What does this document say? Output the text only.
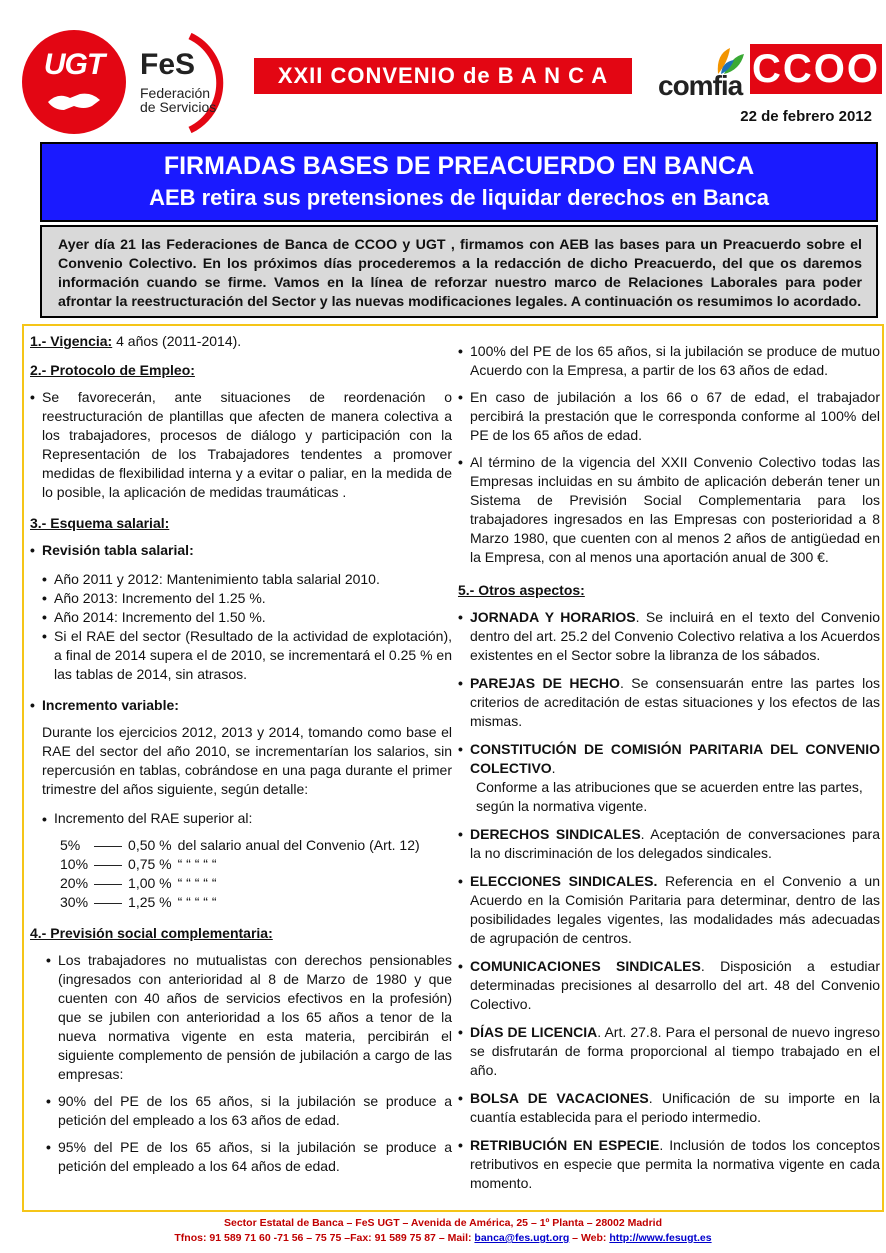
UGT	FeS
Federación
de Servicios
XXII CONVENIO de B A N C A	comfia CCOO
22 de febrero 2012
FIRMADAS BASES DE PREACUERDO EN BANCA
AEB retira sus pretensiones de liquidar derechos en Banca
Ayer día 21 las Federaciones de Banca de CCOO y UGT , firmamos con AEB las bases para un Preacuerdo sobre el Convenio Colectivo. En los próximos días procederemos a la redacción de dicho Preacuerdo, del que os daremos información cuando se firme. Vamos en la línea de reforzar nuestro marco de Relaciones Laborales para poder afrontar la reestructuración del Sector y las nuevas modificaciones legales. A continuación os resumimos lo acordado.

1.- Vigencia: 4 años (2011-2014).

2.- Protocolo de Empleo:

• Se favorecerán, ante situaciones de reordenación o reestructuración de plantillas que afecten de manera colectiva a los trabajadores, procesos de diálogo y participación con la Representación de los Trabajadores tendentes a promover medidas de flexibilidad interna y a evitar o paliar, en la medida de lo posible, la aplicación de medidas traumáticas .

3.- Esquema salarial:

• Revisión tabla salarial:

• Año 2011 y 2012: Mantenimiento tabla salarial 2010.

• Año 2013: Incremento del 1.25 %.

• Año 2014: Incremento del 1.50 %.

• Si el RAE del sector (Resultado de la actividad de explotación), a final de 2014 supera el de 2010, se incrementará el 0.25 % en las tablas de 2014, sin atrasos.

• Incremento variable:

Durante los ejercicios 2012, 2013 y 2014, tomando como base el RAE del sector del año 2010, se incrementarían los salarios, sin repercusión en tablas, cobrándose en una paga durante el primer trimestre del años siguiente, según detalle:

• Incremento del RAE superior al:

5%	——	0,50 %	del salario anual del Convenio (Art. 12)
10%	——	0,75 %	“ “ “ “ “
20%	——	1,00 %	“ “ “ “ “
30%	——	1,25 %	“ “ “ “ “

4.- Previsión social complementaria:

• Los trabajadores no mutualistas con derechos pensionables (ingresados con anterioridad al 8 de Marzo de 1980 y que cuenten con 40 años de servicios efectivos en la profesión) que se jubilen con anterioridad a los 65 años a tenor de la nueva normativa vigente en esta materia, percibirán el siguiente complemento de pensión de jubilación a cargo de las empresas:

• 90% del PE de los 65 años, si la jubilación se produce a petición del empleado a los 63 años de edad.

• 95% del PE de los 65 años, si la jubilación se produce a petición del empleado a los 64 años de edad.

• 100% del PE de los 65 años, si la jubilación se produce de mutuo Acuerdo con la Empresa, a partir de los 63 años de edad.

• En caso de jubilación a los 66 o 67 de edad, el trabajador percibirá la prestación que le corresponda conforme al 100% del PE de los 65 años de edad.

• Al término de la vigencia del XXII Convenio Colectivo todas las Empresas incluidas en su ámbito de aplicación deberán tener un Sistema de Previsión Social Complementaria para los trabajadores ingresados en las Empresas con posterioridad a 8 Marzo 1980, que cuenten con al menos 2 años de antigüedad en la Empresa, con al menos una aportación anual de 300 €.

5.- Otros aspectos:

• JORNADA Y HORARIOS. Se incluirá en el texto del Convenio dentro del art. 25.2 del Convenio Colectivo relativa a los Acuerdos existentes en el Sector sobre la libranza de los sábados.

• PAREJAS DE HECHO. Se consensuarán entre las partes los criterios de acreditación de estas situaciones y los efectos de las mismas.

• CONSTITUCIÓN DE COMISIÓN PARITARIA DEL CONVENIO COLECTIVO.

Conforme a las atribuciones que se acuerden entre las partes, según la normativa vigente.

• DERECHOS SINDICALES. Aceptación de conversaciones para la no discriminación de los delegados sindicales.

• ELECCIONES SINDICALES. Referencia en el Convenio a un Acuerdo en la Comisión Paritaria para determinar, dentro de las posibilidades legales vigentes, las modalidades más adecuadas de agrupación de centros.

• COMUNICACIONES SINDICALES. Disposición a estudiar determinadas precisiones al desarrollo del art. 48 del Convenio Colectivo.

• DÍAS DE LICENCIA. Art. 27.8. Para el personal de nuevo ingreso se disfrutarán de forma proporcional al tiempo trabajado en el año.

• BOLSA DE VACACIONES. Unificación de su importe en la cuantía establecida para el periodo intermedio.

• RETRIBUCIÓN EN ESPECIE. Inclusión de todos los conceptos retributivos en especie que permita la normativa vigente en cada momento.

Sector Estatal de Banca – FeS UGT – Avenida de América, 25 – 1º Planta – 28002 Madrid
Tfnos: 91 589 71 60 -71 56 – 75 75 –Fax: 91 589 75 87 – Mail: banca@fes.ugt.org – Web: http://www.fesugt.es
